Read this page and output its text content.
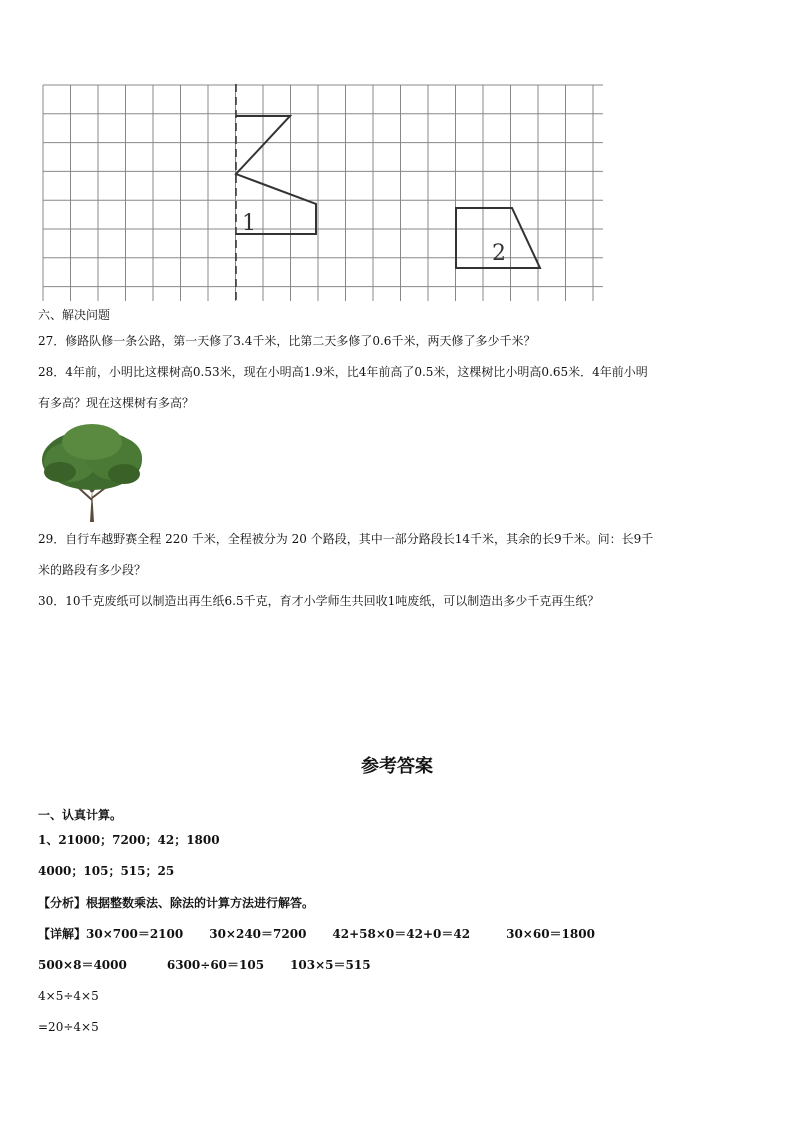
1
2
六、解决问题
27．修路队修一条公路，第一天修了3.4千米，比第二天多修了0.6千米，两天修了多少千米？
28．4年前，小明比这棵树高0.53米，现在小明高1.9米，比4年前高了0.5米，这棵树比小明高0.65米．4年前小明
有多高？现在这棵树有多高？
29．自行车越野赛全程 220 千米，全程被分为 20 个路段，其中一部分路段长14千米，其余的长9千米。问：长9千
米的路段有多少段？
30．10千克废纸可以制造出再生纸6.5千克，育才小学师生共回收1吨废纸，可以制造出多少千克再生纸？
参考答案
一、认真计算。
1、21000；7200；42；1800
4000；105；515；25
【分析】根据整数乘法、除法的计算方法进行解答。
【详解】30×700＝2100 30×240＝7200 42+58×0＝42+0＝42	30×60＝1800
500×8＝4000	6300÷60＝105 103×5＝515
4×5÷4×5
=20÷4×5
